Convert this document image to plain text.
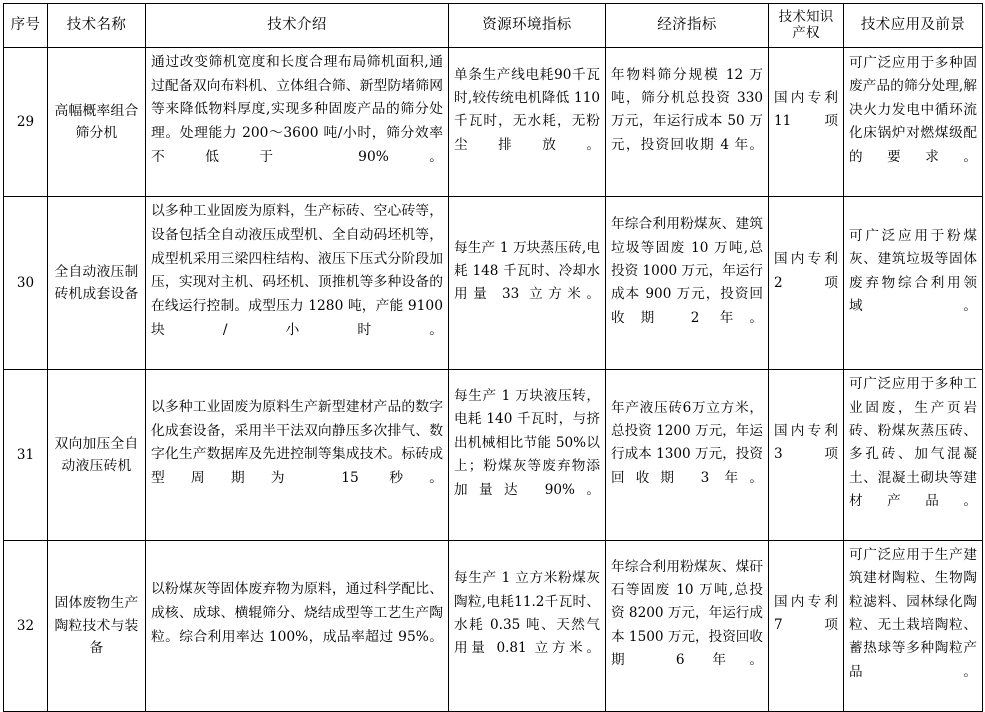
序号	技术名称	技术介绍	资源环境指标	经济指标	技术知识产权	技术应用及前景
29	高幅概率组合筛分机	通过改变筛机宽度和长度合理布局筛机面积,通过配备双向布料机、立体组合筛、新型防堵筛网等来降低物料厚度,实现多种固废产品的筛分处理。处理能力 200～3600 吨/小时，筛分效率不低于 90%。	单条生产线电耗90千瓦时,较传统电机降低 110 千瓦时，无水耗，无粉尘排放。	年物料筛分规模 12 万吨，筛分机总投资 330 万元，年运行成本 50 万元，投资回收期 4 年。	国内专利 11 项	可广泛应用于多种固废产品的筛分处理,解决火力发电中循环流化床锅炉对燃煤级配的要求。
30	全自动液压制砖机成套设备	以多种工业固废为原料，生产标砖、空心砖等，设备包括全自动液压成型机、全自动码坯机等，成型机采用三梁四柱结构、液压下压式分阶段加压，实现对主机、码坯机、顶推机等多种设备的在线运行控制。成型压力 1280 吨，产能 9100 块/小时。	每生产 1 万块蒸压砖,电耗 148 千瓦时、冷却水用量 33 立方米。	年综合利用粉煤灰、建筑垃圾等固废 10 万吨,总投资 1000 万元，年运行成本 900 万元，投资回收期 2 年。	国内专利 2 项	可广泛应用于粉煤灰、建筑垃圾等固体废弃物综合利用领域。
31	双向加压全自动液压砖机	以多种工业固废为原料生产新型建材产品的数字化成套设备，采用半干法双向静压多次排气、数字化生产数据库及先进控制等集成技术。标砖成型周期为 15 秒。	每生产 1 万块液压转，电耗 140 千瓦时，与挤出机械相比节能 50%以上；粉煤灰等废弃物添加量达 90%。	年产液压砖6万立方米，总投资 1200 万元，年运行成本 1300 万元，投资回收期 3 年。	国内专利 3 项	可广泛应用于多种工业固废，生产页岩砖、粉煤灰蒸压砖、多孔砖、加气混凝土、混凝土砌块等建材产品。
32	固体废物生产陶粒技术与装备	以粉煤灰等固体废弃物为原料，通过科学配比、成核、成球、横辊筛分、烧结成型等工艺生产陶粒。综合利用率达 100%，成品率超过 95%。	每生产 1 立方米粉煤灰陶粒,电耗11.2千瓦时、水耗 0.35 吨、天然气用量 0.81 立方米。	年综合利用粉煤灰、煤矸石等固废 10 万吨,总投资 8200 万元，年运行成本 1500 万元，投资回收期 6 年。	国内专利 7 项	可广泛应用于生产建筑建材陶粒、生物陶粒滤料、园林绿化陶粒、无土栽培陶粒、蓄热球等多种陶粒产品。
